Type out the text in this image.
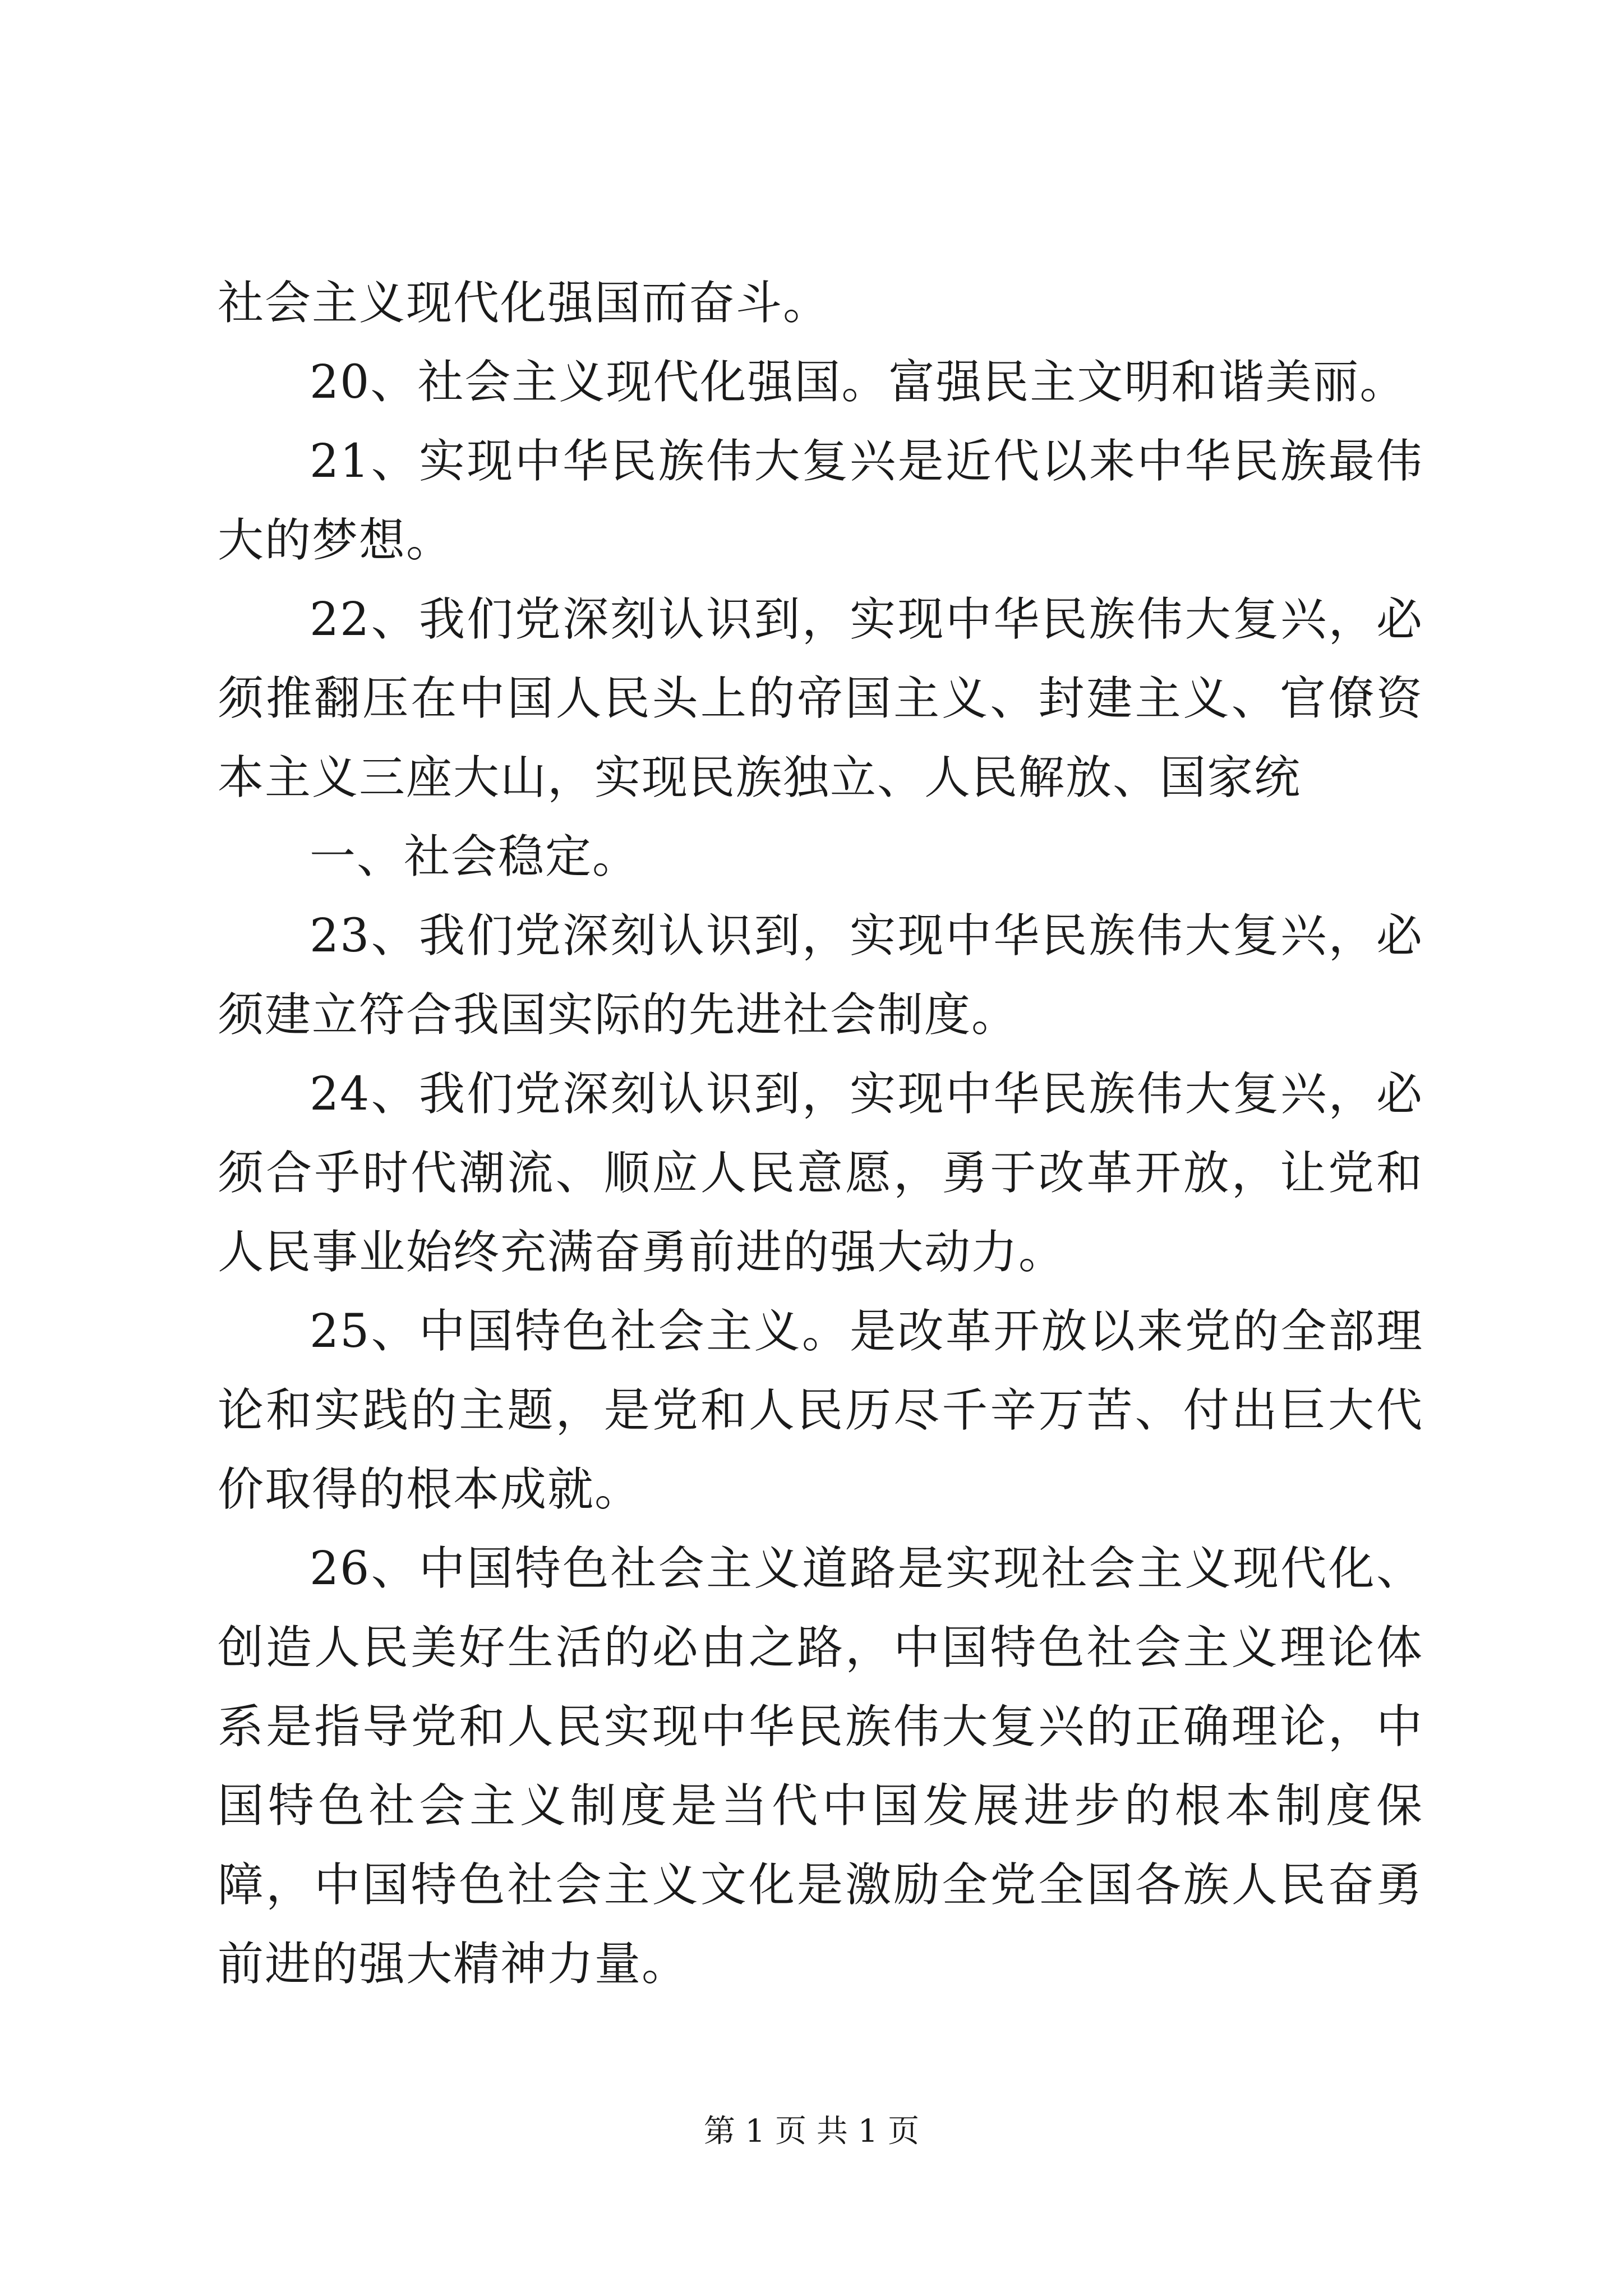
社会主义现代化强国而奋斗。

20、社会主义现代化强国。富强民主文明和谐美丽。

21、实现中华民族伟大复兴是近代以来中华民族最伟大的梦想。

22、我们党深刻认识到，实现中华民族伟大复兴，必须推翻压在中国人民头上的帝国主义、封建主义、官僚资本主义三座大山，实现民族独立、人民解放、国家统

一、社会稳定。

23、我们党深刻认识到，实现中华民族伟大复兴，必须建立符合我国实际的先进社会制度。

24、我们党深刻认识到，实现中华民族伟大复兴，必须合乎时代潮流、顺应人民意愿，勇于改革开放，让党和人民事业始终充满奋勇前进的强大动力。

25、中国特色社会主义。是改革开放以来党的全部理论和实践的主题，是党和人民历尽千辛万苦、付出巨大代价取得的根本成就。

26、中国特色社会主义道路是实现社会主义现代化、创造人民美好生活的必由之路，中国特色社会主义理论体系是指导党和人民实现中华民族伟大复兴的正确理论，中国特色社会主义制度是当代中国发展进步的根本制度保障，中国特色社会主义文化是激励全党全国各族人民奋勇前进的强大精神力量。

第 1 页 共 1 页
